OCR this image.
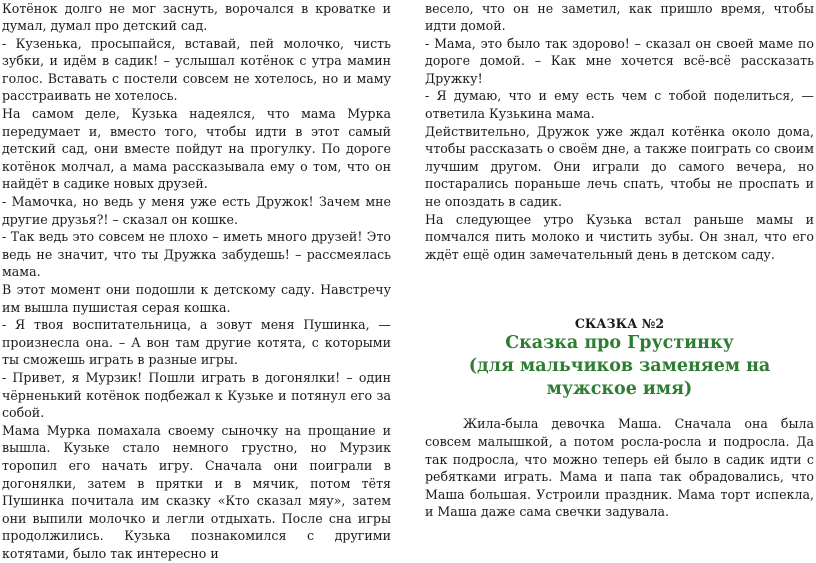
Котёнок долго не мог заснуть, ворочался в кроватке и думал, думал про детский сад.

- Кузенька, просыпайся, вставай, пей молочко, чисть зубки, и идём в садик! – услышал котёнок с утра мамин голос. Вставать с постели совсем не хотелось, но и маму расстраивать не хотелось.

На самом деле, Кузька надеялся, что мама Мурка передумает и, вместо того, чтобы идти в этот самый детский сад, они вместе пойдут на прогулку. По дороге котёнок молчал, а мама рассказывала ему о том, что он найдёт в садике новых друзей.

- Мамочка, но ведь у меня уже есть Дружок! Зачем мне другие друзья?! – сказал он кошке.

- Так ведь это совсем не плохо – иметь много друзей! Это ведь не значит, что ты Дружка забудешь! – рассмеялась мама.

В этот момент они подошли к детскому саду. Навстречу им вышла пушистая серая кошка.

- Я твоя воспитательница, а зовут меня Пушинка, — произнесла она. – А вон там другие котята, с которыми ты сможешь играть в разные игры.

- Привет, я Мурзик! Пошли играть в догонялки! – один чёрненький котёнок подбежал к Кузьке и потянул его за собой.

Мама Мурка помахала своему сыночку на прощание и вышла. Кузьке стало немного грустно, но Мурзик торопил его начать игру. Сначала они поиграли в догонялки, затем в прятки и в мячик, потом тётя Пушинка почитала им сказку «Кто сказал мяу», затем они выпили молочко и легли отдыхать. После сна игры продолжились. Кузька познакомился с другими котятами, было так интересно и

весело, что он не заметил, как пришло время, чтобы идти домой.

- Мама, это было так здорово! – сказал он своей маме по дороге домой. – Как мне хочется всё-всё рассказать Дружку!

- Я думаю, что и ему есть чем с тобой поделиться, — ответила Кузькина мама.

Действительно, Дружок уже ждал котёнка около дома, чтобы рассказать о своём дне, а также поиграть со своим лучшим другом. Они играли до самого вечера, но постарались пораньше лечь спать, чтобы не проспать и не опоздать в садик.

На следующее утро Кузька встал раньше мамы и помчался пить молоко и чистить зубы. Он знал, что его ждёт ещё один замечательный день в детском саду.

СКАЗКА №2

Сказка про Грустинку

(для мальчиков заменяем на мужское имя)

Жила-была девочка Маша. Сначала она была совсем малышкой, а потом росла-росла и подросла. Да так подросла, что можно теперь ей было в садик идти с ребятками играть. Мама и папа так обрадовались, что Маша большая. Устроили праздник. Мама торт испекла, и Маша даже сама свечки задувала.
